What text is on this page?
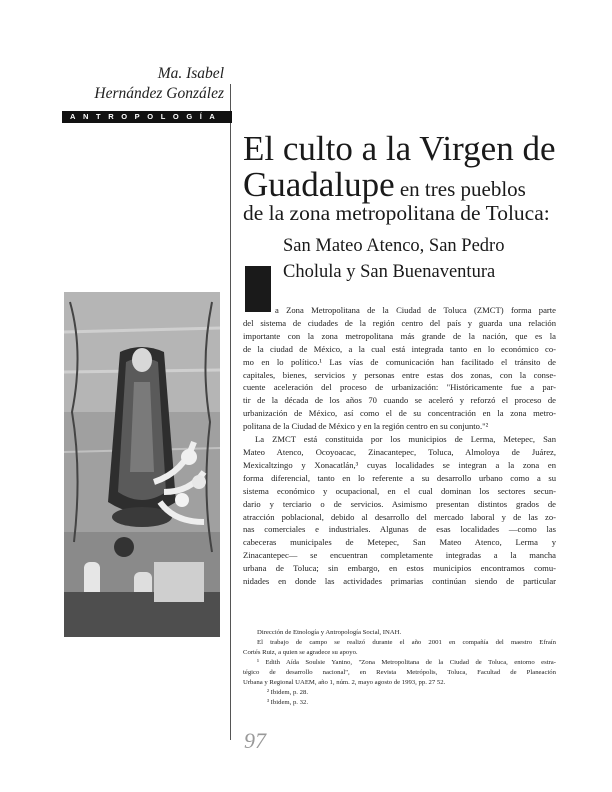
Ma. Isabel
Hernández González
ANTROPOLOGÍA
El culto a la Virgen de
Guadalupe en tres pueblos
de la zona metropolitana de Toluca:
San Mateo Atenco, San Pedro
Cholula y San Buenaventura
a Zona Metropolitana de la Ciudad de Toluca (ZMCT) forma parte
del sistema de ciudades de la región centro del país y guarda una relación
importante con la zona metropolitana más grande de la nación, que es la
de la ciudad de México, a la cual está integrada tanto en lo económico co-
mo en lo político.¹ Las vías de comunicación han facilitado el tránsito de
capitales, bienes, servicios y personas entre estas dos zonas, con la conse-
cuente aceleración del proceso de urbanización: "Históricamente fue a par-
tir de la década de los años 70 cuando se aceleró y reforzó el proceso de
urbanización de México, así como el de su concentración en la zona metro-
politana de la Ciudad de México y en la región centro en su conjunto."²
La ZMCT está constituida por los municipios de Lerma, Metepec, San
Mateo Atenco, Ocoyoacac, Zinacantepec, Toluca, Almoloya de Juárez,
Mexicaltzingo y Xonacatlán,³ cuyas localidades se integran a la zona en
forma diferencial, tanto en lo referente a su desarrollo urbano como a su
sistema económico y ocupacional, en el cual dominan los sectores secun-
dario y terciario o de servicios. Asimismo presentan distintos grados de
atracción poblacional, debido al desarrollo del mercado laboral y de las zo-
nas comerciales e industriales. Algunas de esas localidades —como las
cabeceras municipales de Metepec, San Mateo Atenco, Lerma y
Zinacantepec— se encuentran completamente integradas a la mancha
urbana de Toluca; sin embargo, en estos municipios encontramos comu-
nidades en donde las actividades primarias continúan siendo de particular
Dirección de Etnología y Antropología Social, INAH.
El trabajo de campo se realizó durante el año 2001 en compañía del maestro Efraín
Cortés Ruiz, a quien se agradece su apoyo.
¹ Edith Aída Soulsie Yanino, "Zona Metropolitana de la Ciudad de Toluca, entorno estra-
tégico de desarrollo nacional", en Revista Metrópolis, Toluca, Facultad de Planeación
Urbana y Regional UAEM, año 1, núm. 2, mayo agosto de 1993, pp. 27 52.
² Ibidem, p. 28.
³ Ibidem, p. 32.
97
